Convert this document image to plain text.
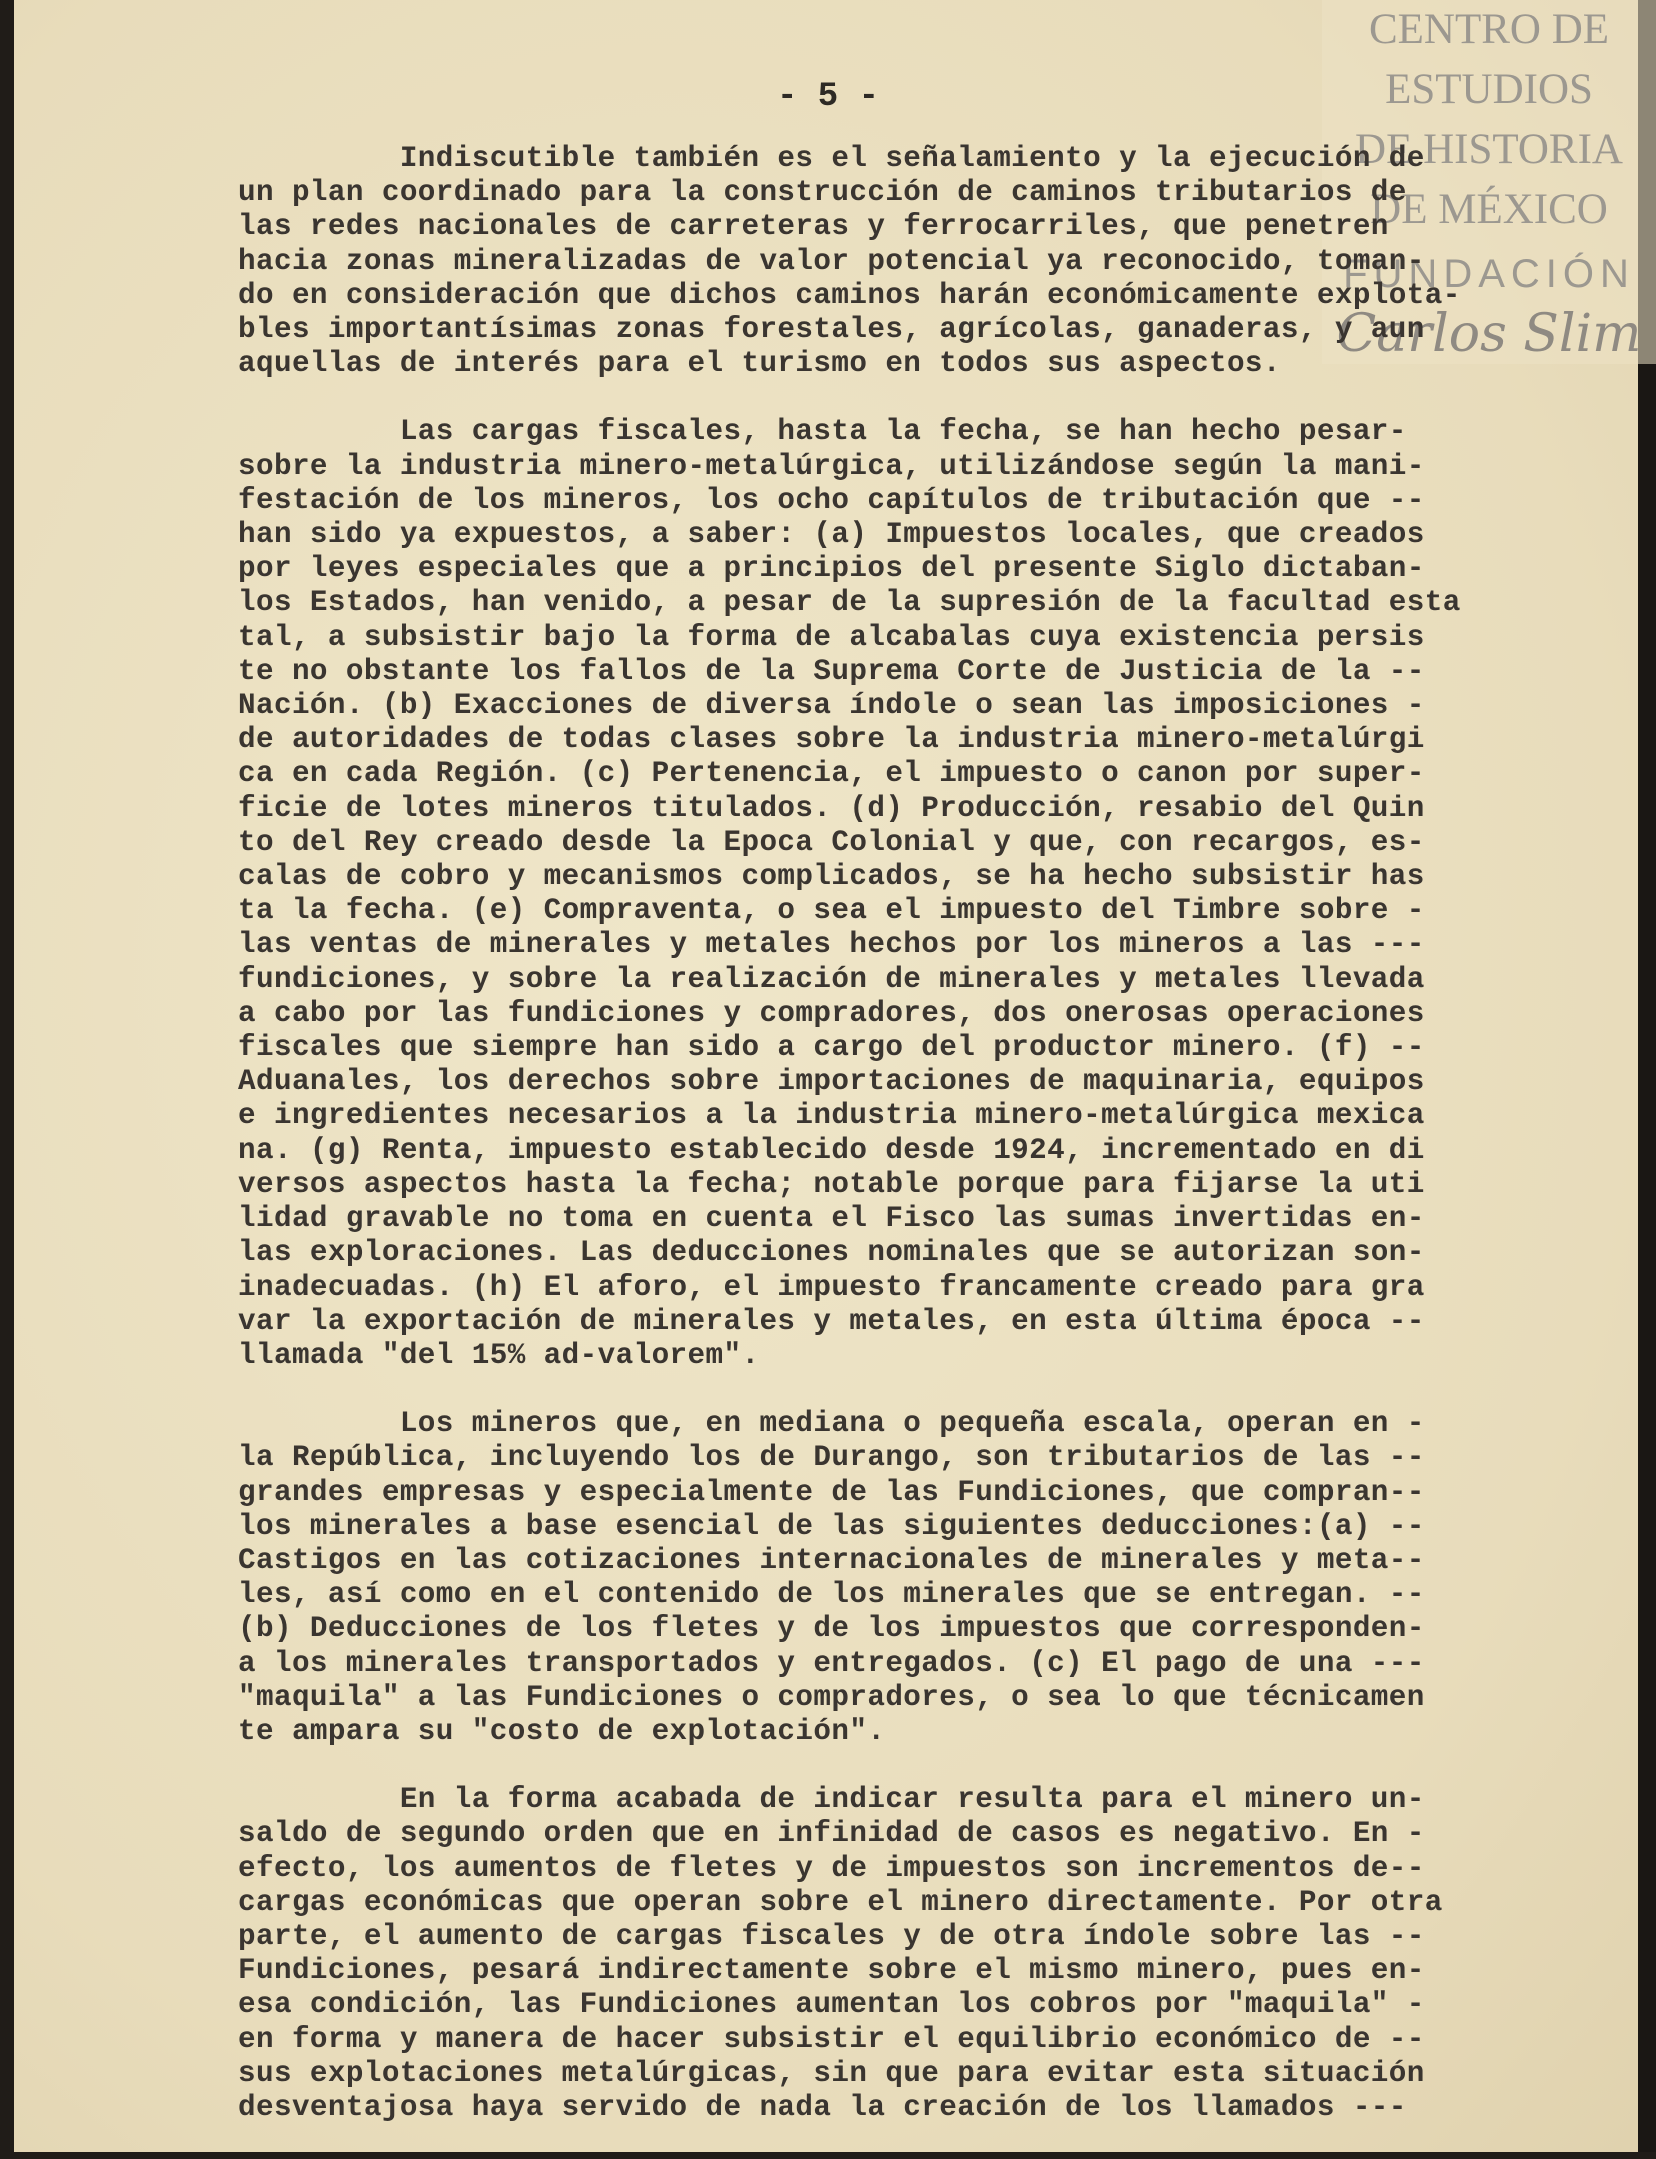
CENTRO DE
ESTUDIOS
DE HISTORIA
DE MÉXICO
FUNDACIÓN
Carlos Slim
- 5 -
Indiscutible también es el señalamiento y la ejecución de
un plan coordinado para la construcción de caminos tributarios de
las redes nacionales de carreteras y ferrocarriles, que penetren
hacia zonas mineralizadas de valor potencial ya reconocido, toman-
do en consideración que dichos caminos harán económicamente explota-
bles importantísimas zonas forestales, agrícolas, ganaderas, y aun
aquellas de interés para el turismo en todos sus aspectos.
Las cargas fiscales, hasta la fecha, se han hecho pesar-
sobre la industria minero-metalúrgica, utilizándose según la mani-
festación de los mineros, los ocho capítulos de tributación que --
han sido ya expuestos, a saber: (a) Impuestos locales, que creados
por leyes especiales que a principios del presente Siglo dictaban-
los Estados, han venido, a pesar de la supresión de la facultad esta
tal, a subsistir bajo la forma de alcabalas cuya existencia persis
te no obstante los fallos de la Suprema Corte de Justicia de la --
Nación. (b) Exacciones de diversa índole o sean las imposiciones -
de autoridades de todas clases sobre la industria minero-metalúrgi
ca en cada Región. (c) Pertenencia, el impuesto o canon por super-
ficie de lotes mineros titulados. (d) Producción, resabio del Quin
to del Rey creado desde la Epoca Colonial y que, con recargos, es-
calas de cobro y mecanismos complicados, se ha hecho subsistir has
ta la fecha. (e) Compraventa, o sea el impuesto del Timbre sobre -
las ventas de minerales y metales hechos por los mineros a las ---
fundiciones, y sobre la realización de minerales y metales llevada
a cabo por las fundiciones y compradores, dos onerosas operaciones
fiscales que siempre han sido a cargo del productor minero. (f) --
Aduanales, los derechos sobre importaciones de maquinaria, equipos
e ingredientes necesarios a la industria minero-metalúrgica mexica
na. (g) Renta, impuesto establecido desde 1924, incrementado en di
versos aspectos hasta la fecha; notable porque para fijarse la uti
lidad gravable no toma en cuenta el Fisco las sumas invertidas en-
las exploraciones. Las deducciones nominales que se autorizan son-
inadecuadas. (h) El aforo, el impuesto francamente creado para gra
var la exportación de minerales y metales, en esta última época --
llamada "del 15% ad-valorem".
Los mineros que, en mediana o pequeña escala, operan en -
la República, incluyendo los de Durango, son tributarios de las --
grandes empresas y especialmente de las Fundiciones, que compran--
los minerales a base esencial de las siguientes deducciones:(a) --
Castigos en las cotizaciones internacionales de minerales y meta--
les, así como en el contenido de los minerales que se entregan. --
(b) Deducciones de los fletes y de los impuestos que corresponden-
a los minerales transportados y entregados. (c) El pago de una ---
"maquila" a las Fundiciones o compradores, o sea lo que técnicamen
te ampara su "costo de explotación".
En la forma acabada de indicar resulta para el minero un-
saldo de segundo orden que en infinidad de casos es negativo. En -
efecto, los aumentos de fletes y de impuestos son incrementos de--
cargas económicas que operan sobre el minero directamente. Por otra
parte, el aumento de cargas fiscales y de otra índole sobre las --
Fundiciones, pesará indirectamente sobre el mismo minero, pues en-
esa condición, las Fundiciones aumentan los cobros por "maquila" -
en forma y manera de hacer subsistir el equilibrio económico de --
sus explotaciones metalúrgicas, sin que para evitar esta situación
desventajosa haya servido de nada la creación de los llamados ---
